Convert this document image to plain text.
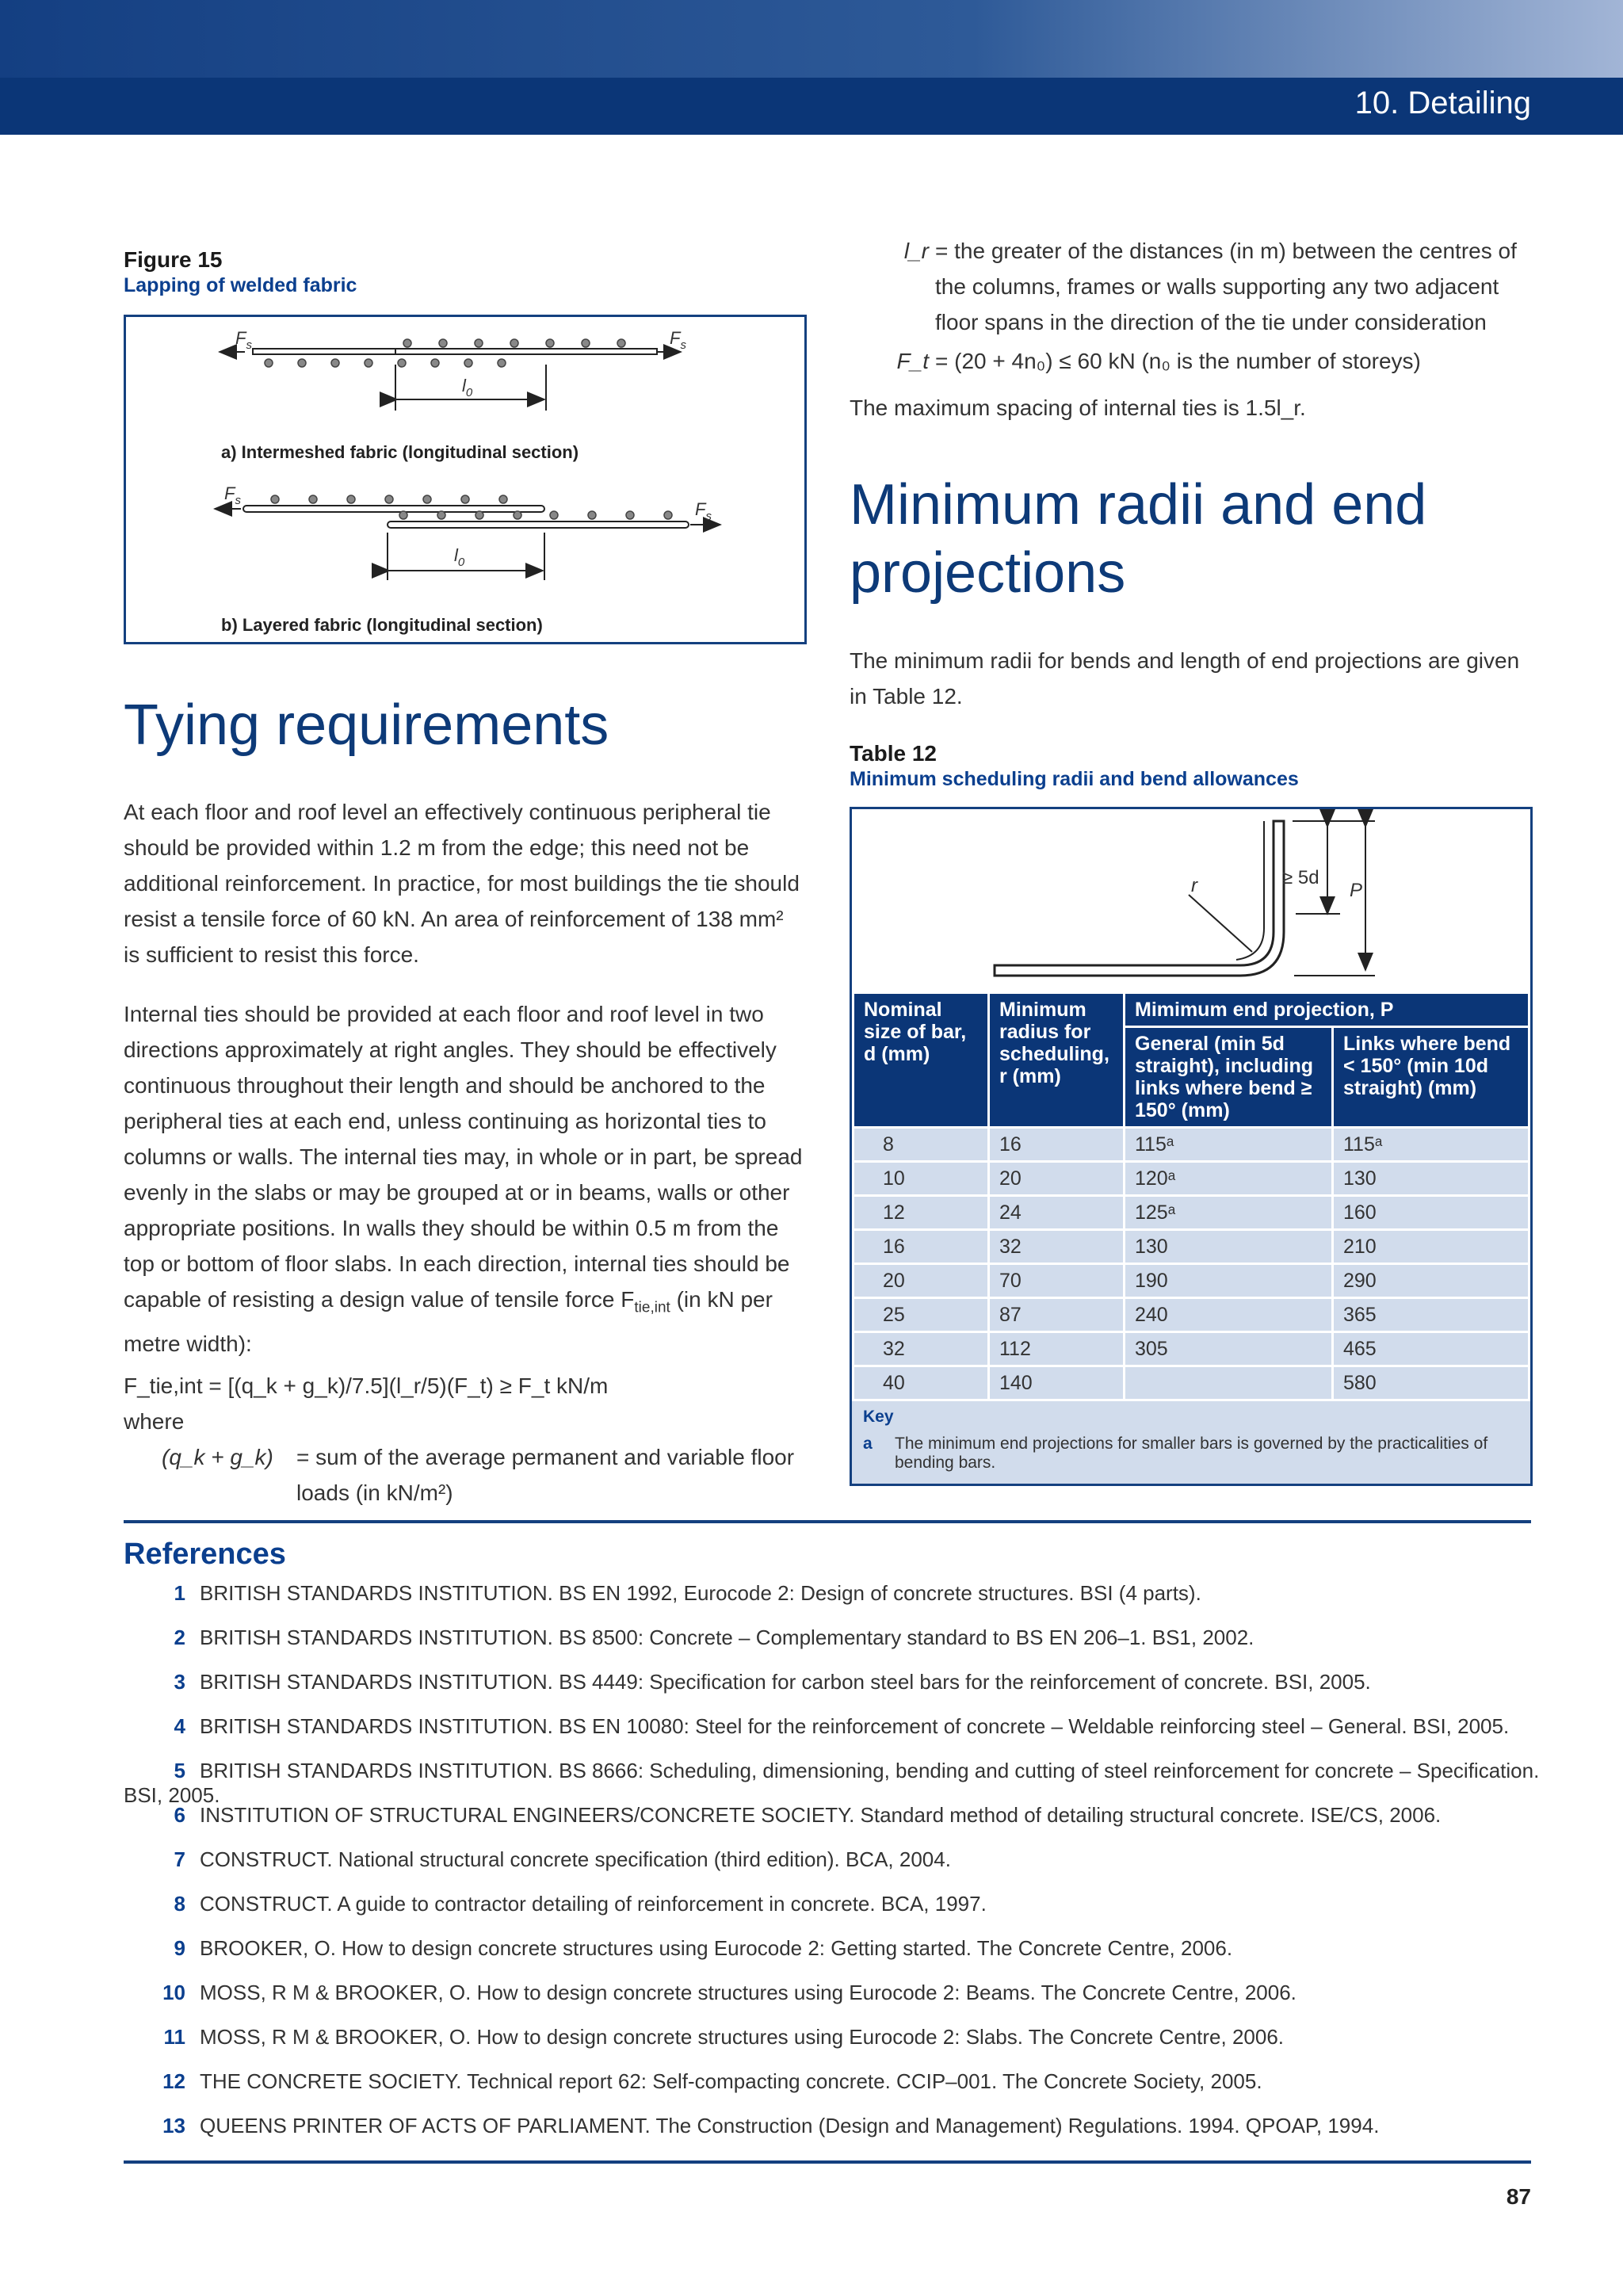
10. Detailing
Figure 15
Lapping of welded fabric
$F_s$	$F_s$
$l_0$
a) Intermeshed fabric (longitudinal section)
$F_s$	$F_s$
$l_0$
b) Layered fabric (longitudinal section)
Tying requirements

At each floor and roof level an effectively continuous peripheral tie should be provided within 1.2 m from the edge; this need not be additional reinforcement. In practice, for most buildings the tie should resist a tensile force of 60 kN. An area of reinforcement of 138 mm² is sufficient to resist this force.

Internal ties should be provided at each floor and roof level in two directions approximately at right angles. They should be effectively continuous throughout their length and should be anchored to the peripheral ties at each end, unless continuing as horizontal ties to columns or walls. The internal ties may, in whole or in part, be spread evenly in the slabs or may be grouped at or in beams, walls or other appropriate positions. In walls they should be within 0.5 m from the top or bottom of floor slabs. In each direction, internal ties should be capable of resisting a design value of tensile force $F_{tie,int}$ (in kN per metre width):

F_tie,int = [(q_k + g_k)/7.5](l_r/5)(F_t) ≥ F_t kN/m
where
(q_k + g_k)	= sum of the average permanent and variable floor loads (in kN/m²)
l_r = the greater of the distances (in m) between the centres of the columns, frames or walls supporting any two adjacent floor spans in the direction of the tie under consideration
F_t = (20 + 4n₀) ≤ 60 kN (n₀ is the number of storeys)

The maximum spacing of internal ties is 1.5l_r.

Minimum radii and end
projections

The minimum radii for bends and length of end projections are given in Table 12.

Table 12
Minimum scheduling radii and bend allowances
r	≥ 5d
P
Nominal size of bar, d (mm)	Minimum radius for scheduling, r (mm)	Mimimum end projection, P	
		General (min 5d straight), including links where bend ≥ 150° (mm)	Links where bend < 150° (min 10d straight) (mm)
8	16	115ᵃ	115ᵃ
10	20	120ᵃ	130
12	24	125ᵃ	160
16	32	130	210
20	70	190	290
25	87	240	365
32	112	305	465
40	140		580
Key
a	The minimum end projections for smaller bars is governed by the practicalities of bending bars.
References
1 BRITISH STANDARDS INSTITUTION. BS EN 1992, Eurocode 2: Design of concrete structures. BSI (4 parts).
2 BRITISH STANDARDS INSTITUTION. BS 8500: Concrete – Complementary standard to BS EN 206–1. BS1, 2002.
3 BRITISH STANDARDS INSTITUTION. BS 4449: Specification for carbon steel bars for the reinforcement of concrete. BSI, 2005.
4 BRITISH STANDARDS INSTITUTION. BS EN 10080: Steel for the reinforcement of concrete – Weldable reinforcing steel – General. BSI, 2005.
5 BRITISH STANDARDS INSTITUTION. BS 8666: Scheduling, dimensioning, bending and cutting of steel reinforcement for concrete – Specification. BSI, 2005.
6 INSTITUTION OF STRUCTURAL ENGINEERS/CONCRETE SOCIETY. Standard method of detailing structural concrete. ISE/CS, 2006.
7 CONSTRUCT. National structural concrete specification (third edition). BCA, 2004.
8 CONSTRUCT. A guide to contractor detailing of reinforcement in concrete. BCA, 1997.
9 BROOKER, O. How to design concrete structures using Eurocode 2: Getting started. The Concrete Centre, 2006.
10 MOSS, R M & BROOKER, O. How to design concrete structures using Eurocode 2: Beams. The Concrete Centre, 2006.
11 MOSS, R M & BROOKER, O. How to design concrete structures using Eurocode 2: Slabs. The Concrete Centre, 2006.
12 THE CONCRETE SOCIETY. Technical report 62: Self-compacting concrete. CCIP–001. The Concrete Society, 2005.
13 QUEENS PRINTER OF ACTS OF PARLIAMENT. The Construction (Design and Management) Regulations. 1994. QPOAP, 1994.
87
